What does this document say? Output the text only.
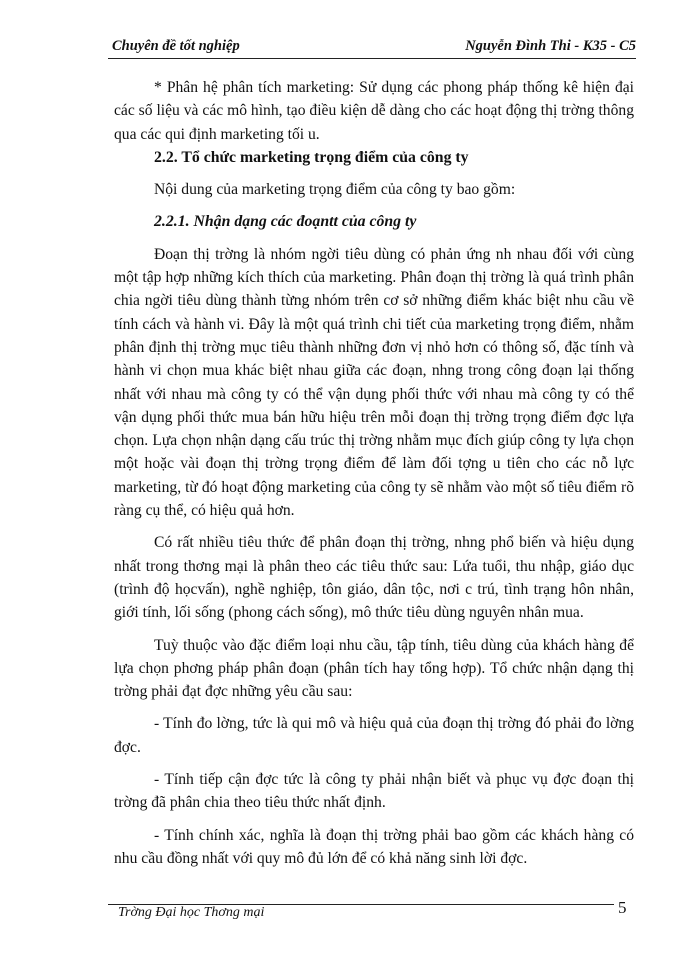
Chuyên đề tốt nghiệp	Nguyễn Đình Thi - K35 - C5

* Phân hệ phân tích marketing: Sử dụng các phong pháp thống kê hiện đại các số liệu và các mô hình, tạo điều kiện dễ dàng cho các hoạt động thị trờng thông qua các qui định marketing tối u.

2.2. Tổ chức marketing trọng điểm của công ty

Nội dung của marketing trọng điểm của công ty bao gồm:

2.2.1. Nhận dạng các đoạntt của công ty

Đoạn thị trờng là nhóm ngời tiêu dùng có phản ứng nh nhau đối với cùng một tập hợp những kích thích của marketing. Phân đoạn thị trờng là quá trình phân chia ngời tiêu dùng thành từng nhóm trên cơ sở những điểm khác biệt nhu cầu về tính cách và hành vi. Đây là một quá trình chi tiết của marketing trọng điểm, nhằm phân định thị trờng mục tiêu thành những đơn vị nhỏ hơn có thông số, đặc tính và hành vi chọn mua khác biệt nhau giữa các đoạn, nhng trong công đoạn lại thống nhất với nhau mà công ty có thể vận dụng phối thức với nhau mà công ty có thể vận dụng phối thức mua bán hữu hiệu trên mỗi đoạn thị trờng trọng điểm đợc lựa chọn. Lựa chọn nhận dạng cấu trúc thị trờng nhằm mục đích giúp công ty lựa chọn một hoặc vài đoạn thị trờng trọng điểm để làm đối tợng u tiên cho các nỗ lực marketing, từ đó hoạt động marketing của công ty sẽ nhằm vào một số tiêu điểm rõ ràng cụ thể, có hiệu quả hơn.

Có rất nhiều tiêu thức để phân đoạn thị trờng, nhng phổ biến và hiệu dụng nhất trong thơng mại là phân theo các tiêu thức sau: Lứa tuổi, thu nhập, giáo dục (trình độ họcvấn), nghề nghiệp, tôn giáo, dân tộc, nơi c trú, tình trạng hôn nhân, giới tính, lối sống (phong cách sống), mô thức tiêu dùng nguyên nhân mua.

Tuỳ thuộc vào đặc điểm loại nhu cầu, tập tính, tiêu dùng của khách hàng để lựa chọn phơng pháp phân đoạn (phân tích hay tổng hợp). Tổ chức nhận dạng thị trờng phải đạt đợc những yêu cầu sau:

- Tính đo lờng, tức là qui mô và hiệu quả của đoạn thị trờng đó phải đo lờng đợc.

- Tính tiếp cận đợc tức là công ty phải nhận biết và phục vụ đợc đoạn thị trờng đã phân chia theo tiêu thức nhất định.

- Tính chính xác, nghĩa là đoạn thị trờng phải bao gồm các khách hàng có nhu cầu đồng nhất với quy mô đủ lớn để có khả năng sinh lời đợc.

Trờng Đại học Thơng mại	5
